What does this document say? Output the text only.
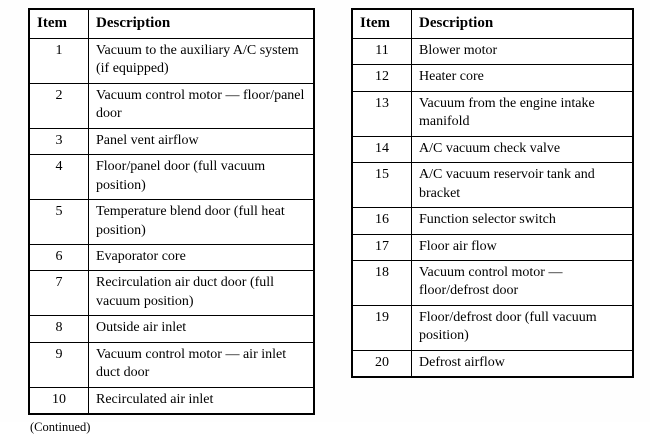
Item	Description
1	Vacuum to the auxiliary A/C system (if equipped)
2	Vacuum control motor — floor/panel door
3	Panel vent airflow
4	Floor/panel door (full vacuum position)
5	Temperature blend door (full heat position)
6	Evaporator core
7	Recirculation air duct door (full vacuum position)
8	Outside air inlet
9	Vacuum control motor — air inlet duct door
10	Recirculated air inlet
Item	Description
11	Blower motor
12	Heater core
13	Vacuum from the engine intake manifold
14	A/C vacuum check valve
15	A/C vacuum reservoir tank and bracket
16	Function selector switch
17	Floor air flow
18	Vacuum control motor — floor/defrost door
19	Floor/defrost door (full vacuum position)
20	Defrost airflow
(Continued)
